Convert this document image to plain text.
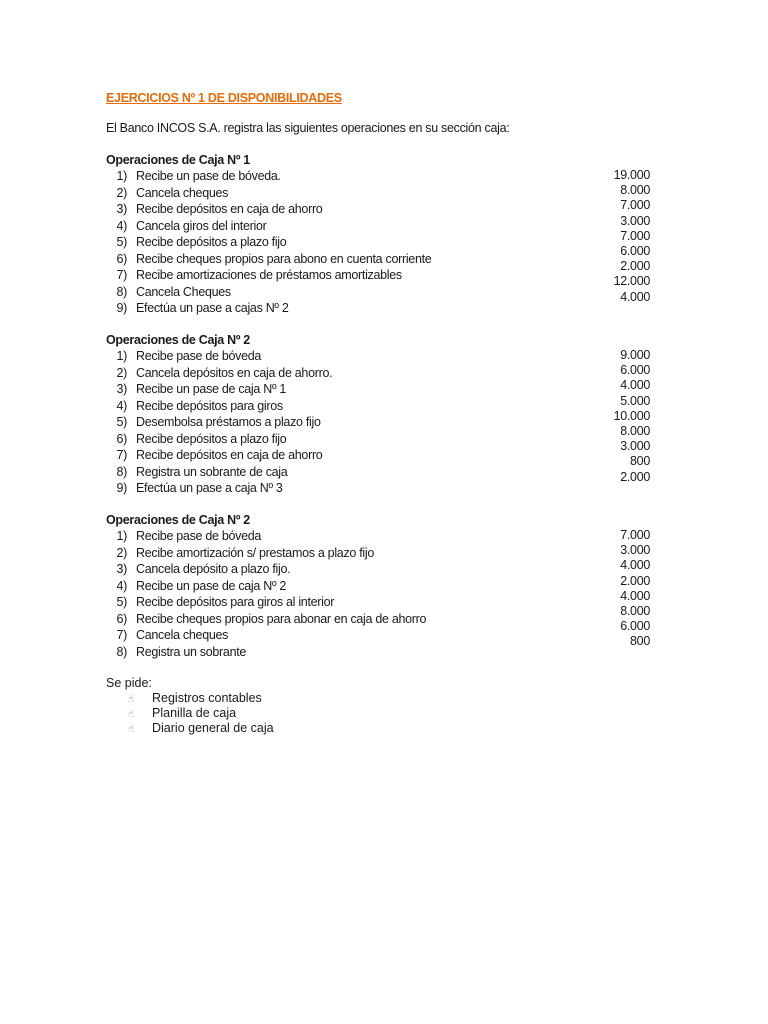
EJERCICIOS Nº 1 DE DISPONIBILIDADES
El Banco INCOS S.A. registra las siguientes operaciones en su sección caja:
Operaciones de Caja Nº 1
1) Recibe un pase de bóveda.
2) Cancela cheques
3) Recibe depósitos en caja de ahorro
4) Cancela giros del interior
5) Recibe depósitos a plazo fijo
6) Recibe cheques propios para abono en cuenta corriente
7) Recibe amortizaciones de préstamos amortizables
8) Cancela Cheques
9) Efectúa un pase a cajas Nº 2
19.000
8.000
7.000
3.000
7.000
6.000
2.000
12.000
4.000
Operaciones de Caja Nº 2
1) Recibe pase de bóveda
2) Cancela depósitos en caja de ahorro.
3) Recibe un pase de caja Nº 1
4) Recibe depósitos para giros
5) Desembolsa préstamos a plazo fijo
6) Recibe depósitos a plazo fijo
7) Recibe depósitos en caja de ahorro
8) Registra un sobrante de caja
9) Efectúa un pase a caja Nº 3
9.000
6.000
4.000
5.000
10.000
8.000
3.000
800
2.000
Operaciones de Caja Nº 2
1) Recibe pase de bóveda
2) Recibe amortización s/ prestamos a plazo fijo
3) Cancela depósito a plazo fijo.
4) Recibe un pase de caja Nº 2
5) Recibe depósitos para giros al interior
6) Recibe cheques propios para abonar en caja de ahorro
7) Cancela cheques
8) Registra un sobrante
7.000
3.000
4.000
2.000
4.000
8.000
6.000
800
Se pide:
☝ Registros contables
☝ Planilla de caja
☝ Diario general de caja
